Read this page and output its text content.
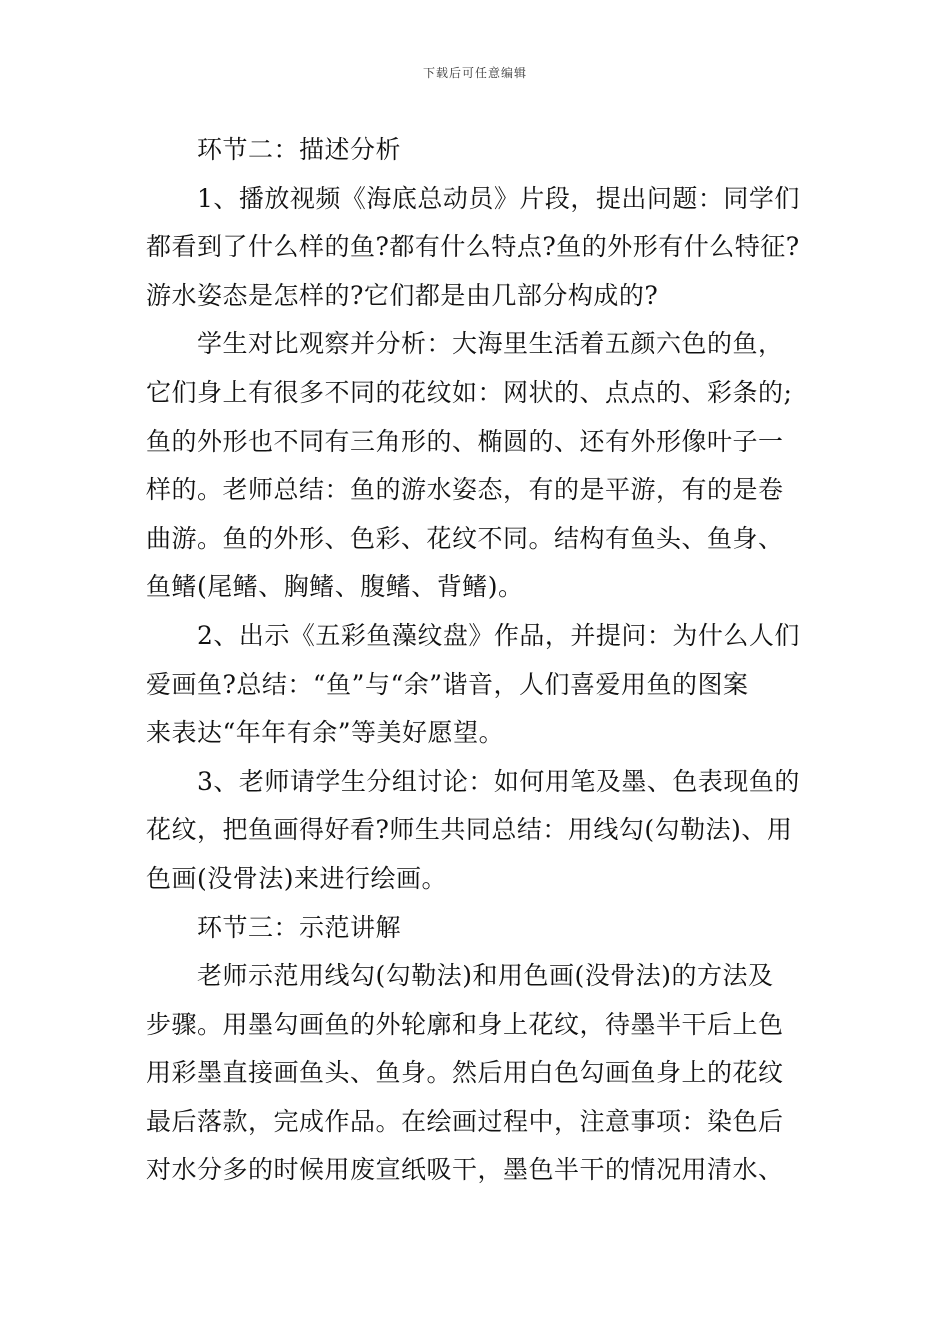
下载后可任意编辑
环节二：描述分析
1、播放视频《海底总动员》片段，提出问题：同学们
都看到了什么样的鱼?都有什么特点?鱼的外形有什么特征?
游水姿态是怎样的?它们都是由几部分构成的?
学生对比观察并分析：大海里生活着五颜六色的鱼，
它们身上有很多不同的花纹如：网状的、点点的、彩条的;
鱼的外形也不同有三角形的、椭圆的、还有外形像叶子一
样的。老师总结：鱼的游水姿态，有的是平游，有的是卷
曲游。鱼的外形、色彩、花纹不同。结构有鱼头、鱼身、
鱼鳍(尾鳍、胸鳍、腹鳍、背鳍)。
2、出示《五彩鱼藻纹盘》作品，并提问：为什么人们
爱画鱼?总结：“鱼”与“余”谐音，人们喜爱用鱼的图案
来表达“年年有余”等美好愿望。
3、老师请学生分组讨论：如何用笔及墨、色表现鱼的
花纹，把鱼画得好看?师生共同总结：用线勾(勾勒法)、用
色画(没骨法)来进行绘画。
环节三：示范讲解
老师示范用线勾(勾勒法)和用色画(没骨法)的方法及
步骤。用墨勾画鱼的外轮廓和身上花纹，待墨半干后上色
用彩墨直接画鱼头、鱼身。然后用白色勾画鱼身上的花纹
最后落款，完成作品。在绘画过程中，注意事项：染色后
对水分多的时候用废宣纸吸干，墨色半干的情况用清水、
